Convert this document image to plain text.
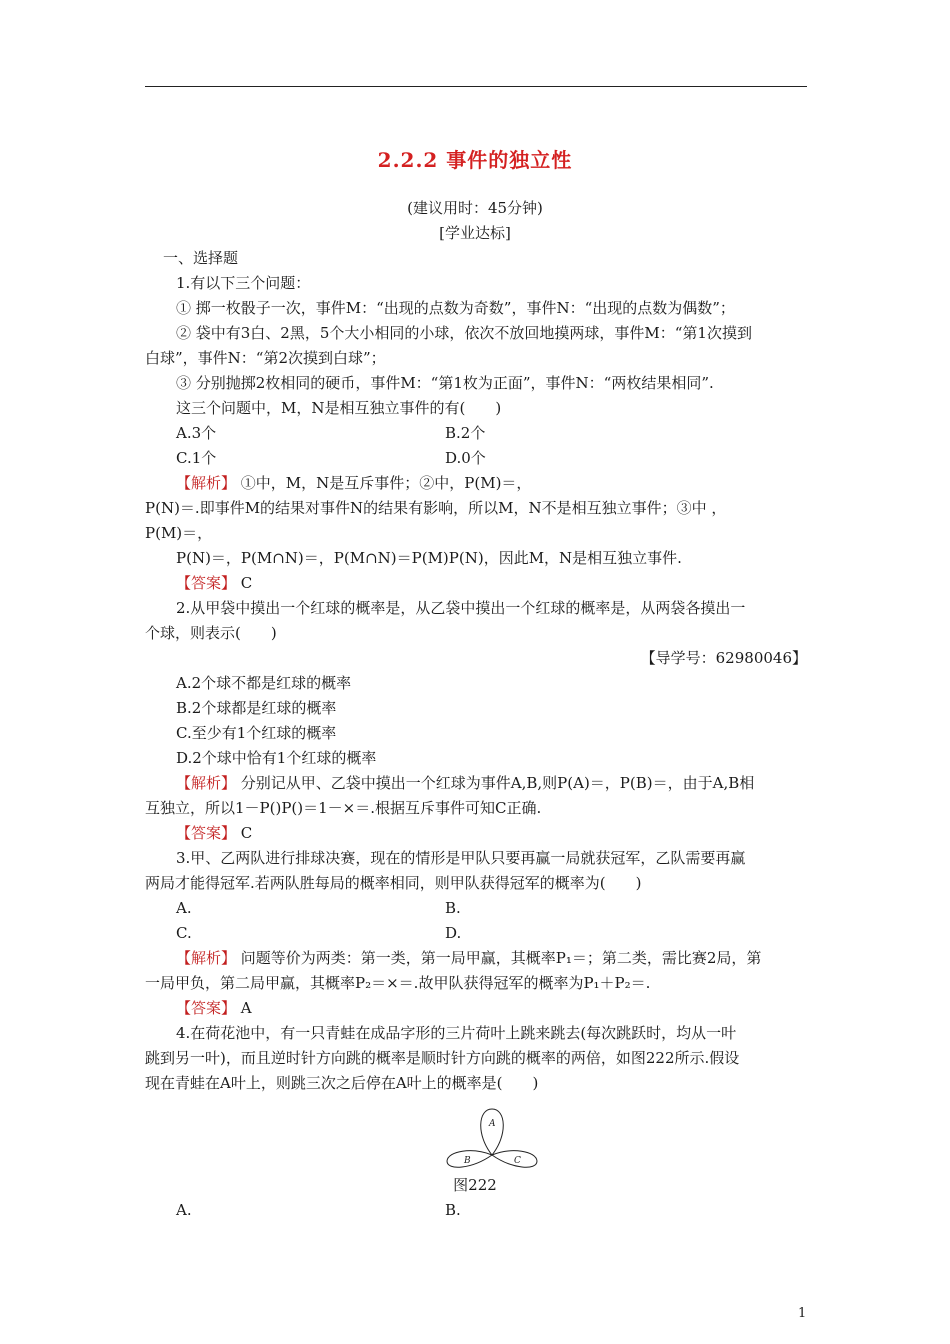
2.2.2 事件的独立性
(建议用时：45分钟)
[学业达标]
一、选择题
1.有以下三个问题：
① 掷一枚骰子一次，事件M：“出现的点数为奇数”，事件N：“出现的点数为偶数”；
② 袋中有3白、2黑，5个大小相同的小球，依次不放回地摸两球，事件M：“第1次摸到
白球”，事件N：“第2次摸到白球”；
③ 分别抛掷2枚相同的硬币，事件M：“第1枚为正面”，事件N：“两枚结果相同”.
这三个问题中，M，N是相互独立事件的有(　　)
A.3个	B.2个
C.1个	D.0个
【解析】 ①中，M，N是互斥事件；②中，P(M)＝，
P(N)＝.即事件M的结果对事件N的结果有影响，所以M，N不是相互独立事件；③中 ，
P(M)＝，
P(N)＝，P(M∩N)＝，P(M∩N)＝P(M)P(N)，因此M，N是相互独立事件.
【答案】 C
2.从甲袋中摸出一个红球的概率是，从乙袋中摸出一个红球的概率是，从两袋各摸出一
个球，则表示(　　)
【导学号：62980046】
A.2个球不都是红球的概率
B.2个球都是红球的概率
C.至少有1个红球的概率
D.2个球中恰有1个红球的概率
【解析】 分别记从甲、乙袋中摸出一个红球为事件A,B,则P(A)＝，P(B)＝，由于A,B相
互独立，所以1－P()P()＝1－×＝.根据互斥事件可知C正确.
【答案】 C
3.甲、乙两队进行排球决赛，现在的情形是甲队只要再赢一局就获冠军，乙队需要再赢
两局才能得冠军.若两队胜每局的概率相同，则甲队获得冠军的概率为(　　)
A.	B.
C.	D.
【解析】 问题等价为两类：第一类，第一局甲赢，其概率P₁＝；第二类，需比赛2局，第
一局甲负，第二局甲赢，其概率P₂＝×＝.故甲队获得冠军的概率为P₁＋P₂＝.
【答案】 A
4.在荷花池中，有一只青蛙在成品字形的三片荷叶上跳来跳去(每次跳跃时，均从一叶
跳到另一叶)，而且逆时针方向跳的概率是顺时针方向跳的概率的两倍，如图222所示.假设
现在青蛙在A叶上，则跳三次之后停在A叶上的概率是(　　)
A
B	C
图222
A.	B.
1
